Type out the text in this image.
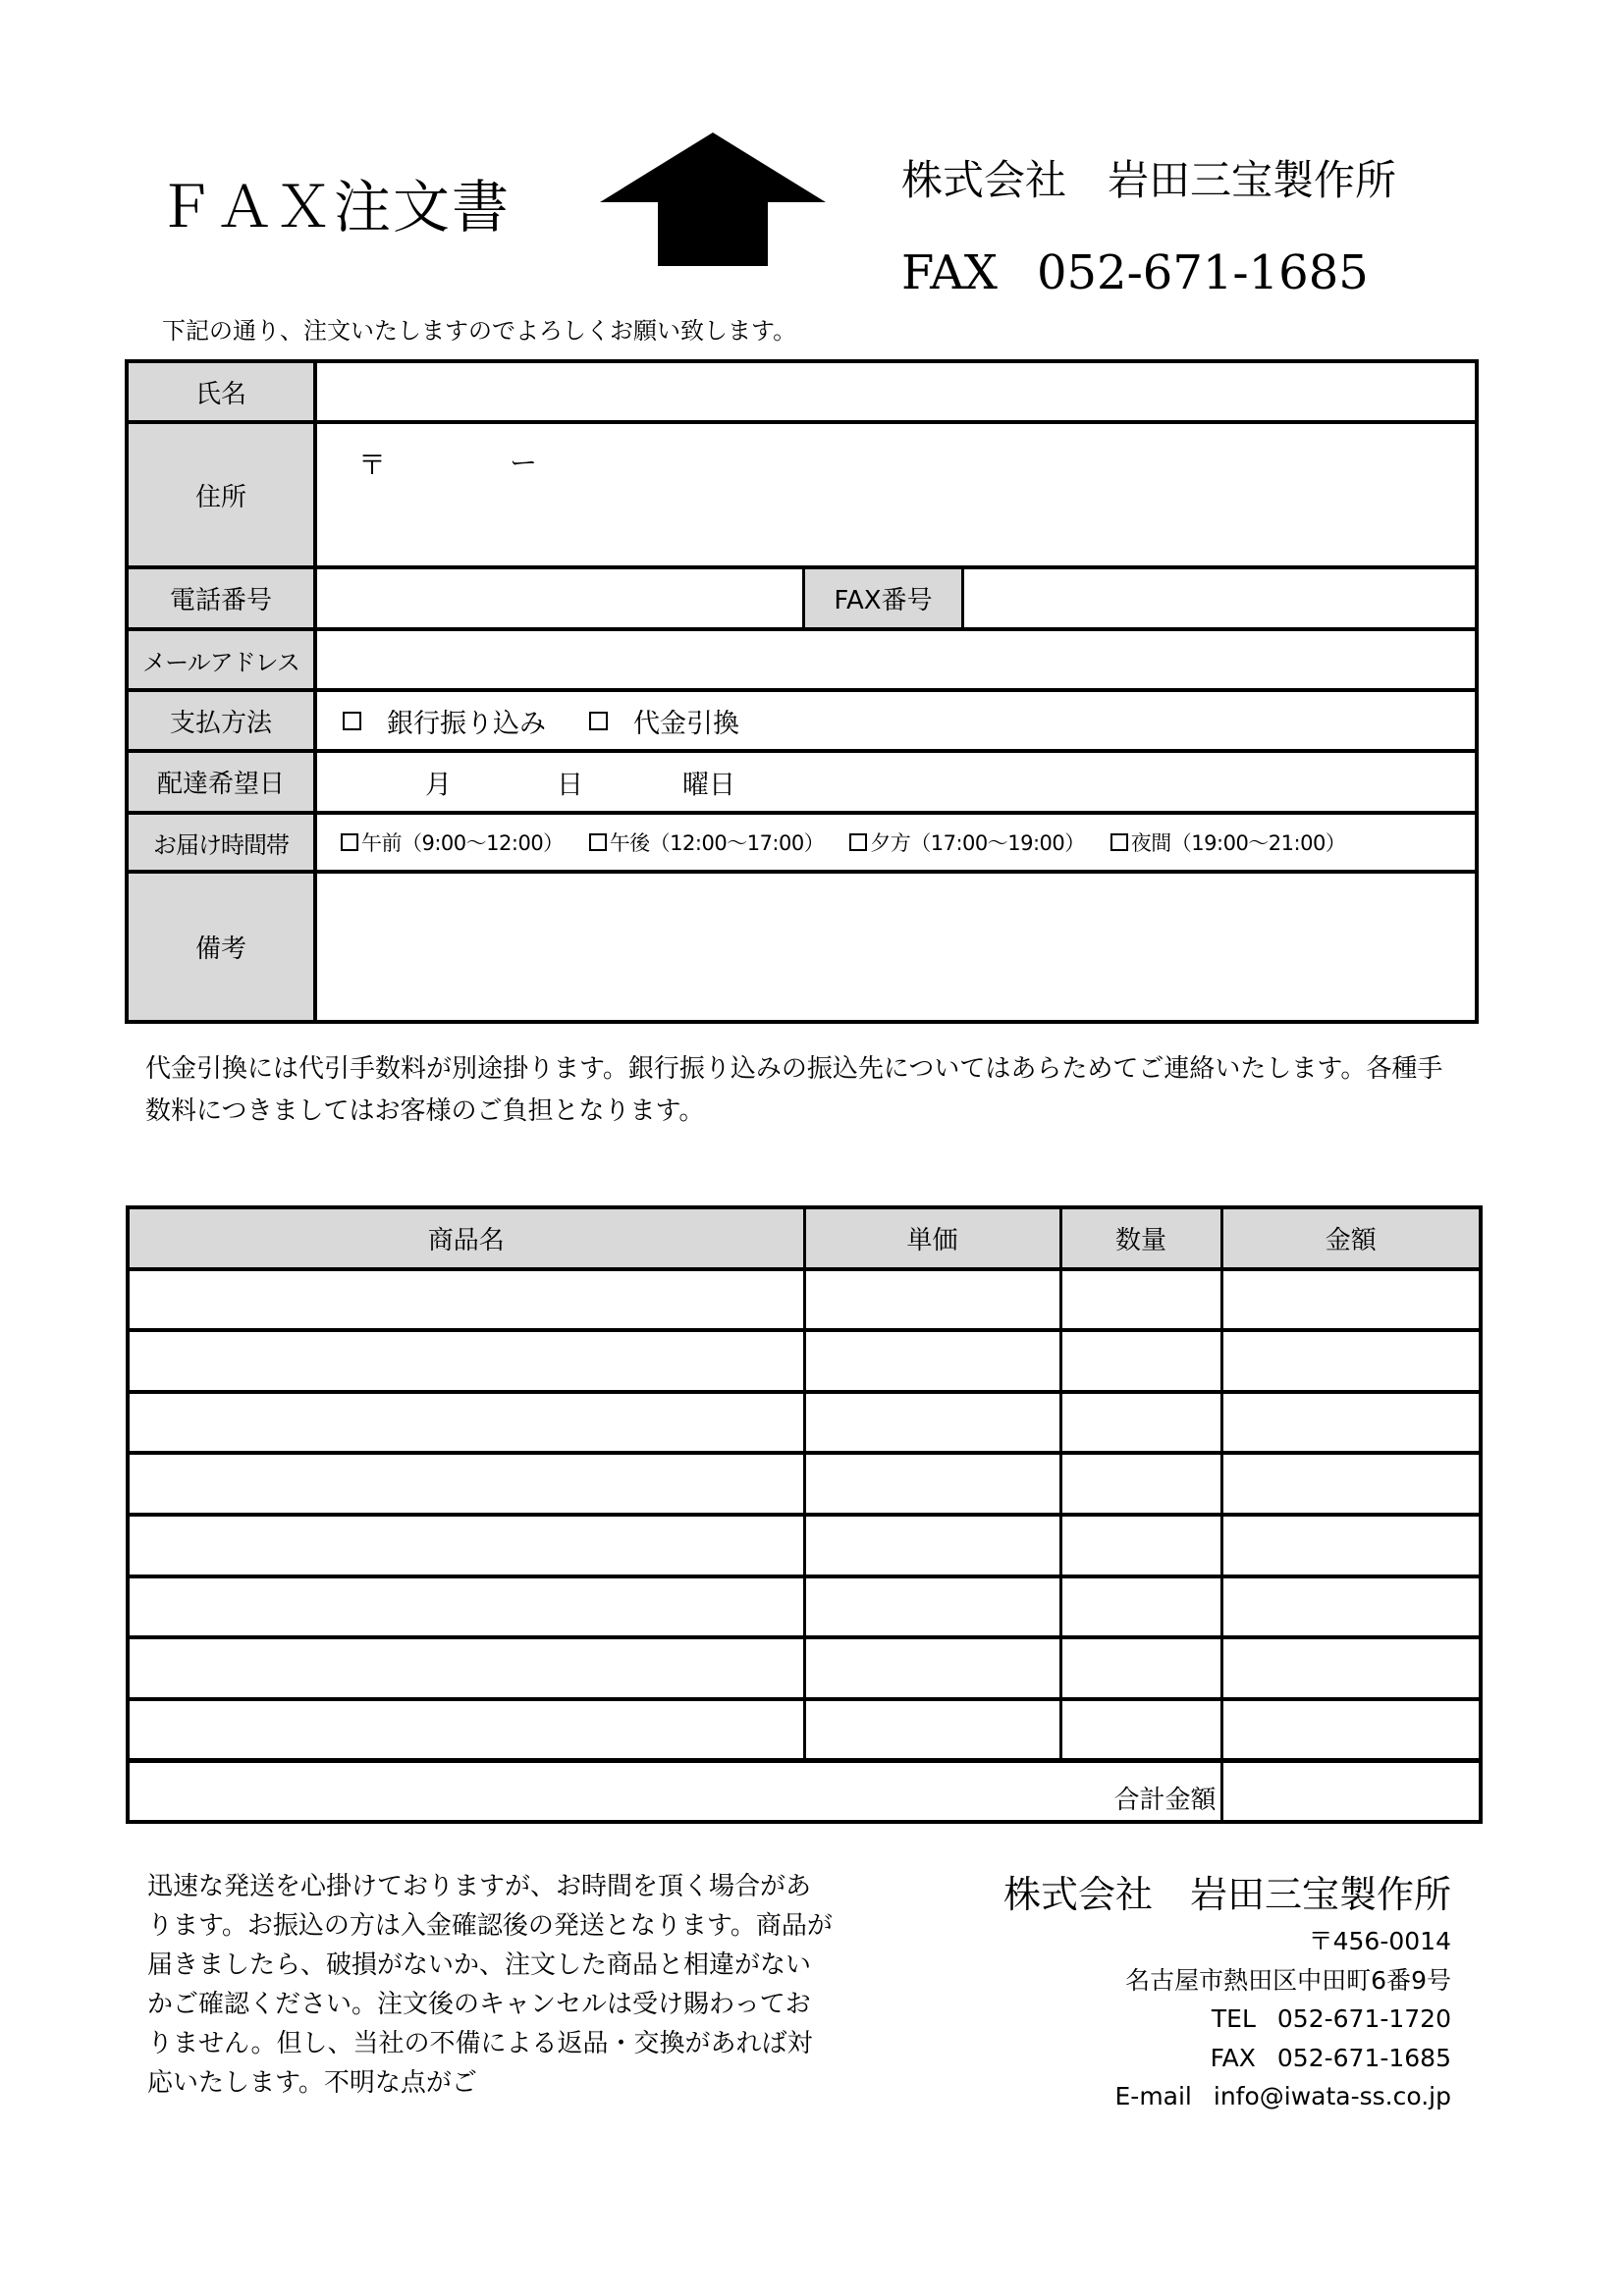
ＦＡＸ注文書	株式会社　岩田三宝製作所
FAX 052-671-1685
下記の通り、注文いたしますのでよろしくお願い致します。
氏名
住所
〒	ー
電話番号	FAX番号
メールアドレス
支払方法	銀行振り込み	代金引換
配達希望日	月	日	曜日
お届け時間帯	午前（9:00～12:00） 午後（12:00～17:00） 夕方（17:00～19:00） 夜間（19:00～21:00）
備考
代金引換には代引手数料が別途掛ります。銀行振り込みの振込先についてはあらためてご連絡いたします。各種手数料につきましてはお客様のご負担となります。
商品名	単価	数量	金額

合計金額	
迅速な発送を心掛けておりますが、お時間を頂く場合があります。お振込の方は入金確認後の発送となります。商品が届きましたら、破損がないか、注文した商品と相違がないかご確認ください。注文後のキャンセルは受け賜わっておりません。但し、当社の不備による返品・交換があれば対応いたします。不明な点がご
株式会社　岩田三宝製作所
〒456-0014
名古屋市熱田区中田町6番9号
TEL 052-671-1720
FAX 052-671-1685
E-mail info@iwata-ss.co.jp
